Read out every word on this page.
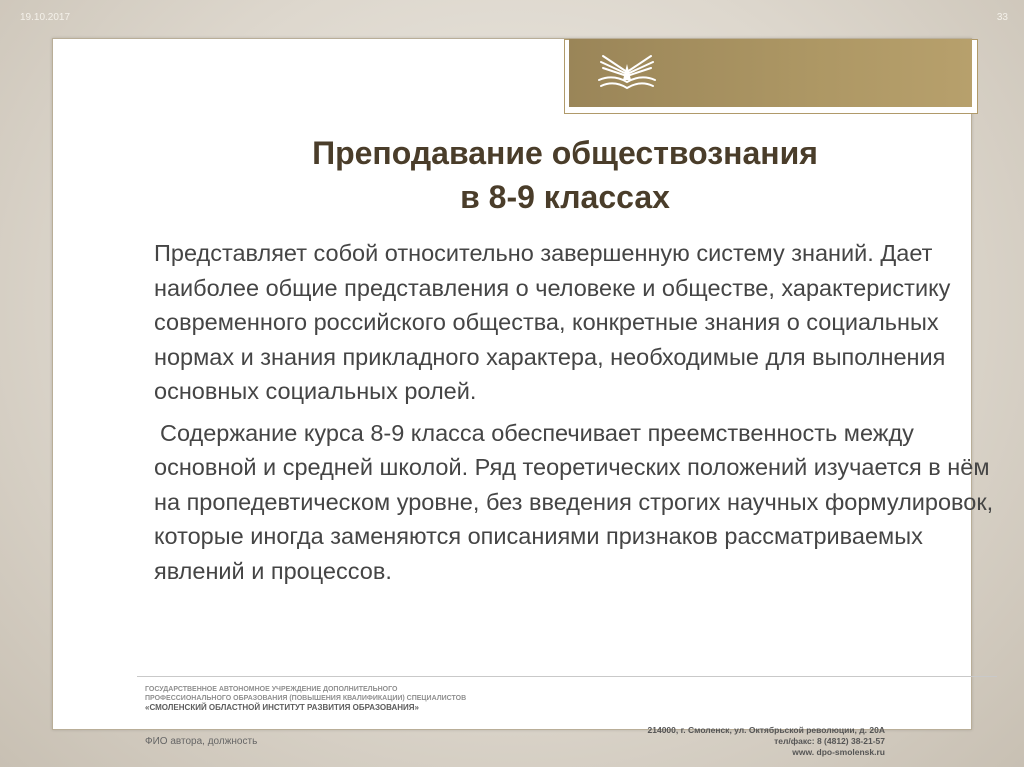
19.10.2017	33
Преподавание обществознания
в 8-9 классах

Представляет собой относительно завершенную систему знаний. Дает наиболее общие представления о человеке и обществе, характеристику современного российского общества, конкретные знания о социальных нормах и знания прикладного характера, необходимые для выполнения основных социальных ролей.

Содержание курса 8-9 класса обеспечивает преемственность между основной и средней школой. Ряд теоретических положений изучается в нём на пропедевтическом уровне, без введения строгих научных формулировок, которые иногда заменяются описаниями признаков рассматриваемых явлений и процессов.

ГОСУДАРСТВЕННОЕ АВТОНОМНОЕ УЧРЕЖДЕНИЕ ДОПОЛНИТЕЛЬНОГО
ПРОФЕССИОНАЛЬНОГО ОБРАЗОВАНИЯ (ПОВЫШЕНИЯ КВАЛИФИКАЦИИ) СПЕЦИАЛИСТОВ
«СМОЛЕНСКИЙ ОБЛАСТНОЙ ИНСТИТУТ РАЗВИТИЯ ОБРАЗОВАНИЯ»
ФИО автора, должность
214000, г. Смоленск, ул. Октябрьской революции, д. 20А
тел/факс: 8 (4812) 38-21-57
www. dpo-smolensk.ru
